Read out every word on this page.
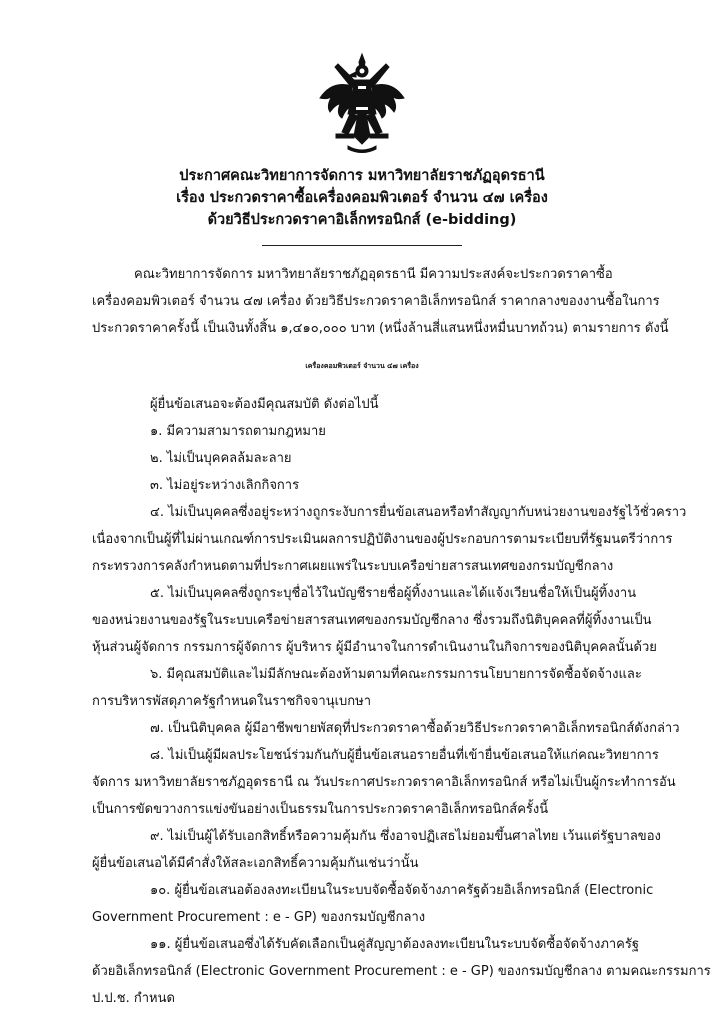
ประกาศคณะวิทยาการจัดการ มหาวิทยาลัยราชภัฏอุดรธานี
เรื่อง ประกวดราคาซื้อเครื่องคอมพิวเตอร์ จำนวน ๔๗ เครื่อง
ด้วยวิธีประกวดราคาอิเล็กทรอนิกส์ (e-bidding)
คณะวิทยาการจัดการ มหาวิทยาลัยราชภัฏอุดรธานี มีความประสงค์จะประกวดราคาซื้อ
เครื่องคอมพิวเตอร์ จำนวน ๔๗ เครื่อง ด้วยวิธีประกวดราคาอิเล็กทรอนิกส์ ราคากลางของงานซื้อในการ
ประกวดราคาครั้งนี้ เป็นเงินทั้งสิ้น ๑,๔๑๐,๐๐๐ บาท (หนึ่งล้านสี่แสนหนึ่งหมื่นบาทถ้วน) ตามรายการ ดังนี้
เครื่องคอมพิวเตอร์ จำนวน ๔๗ เครื่อง
ผู้ยื่นข้อเสนอจะต้องมีคุณสมบัติ ดังต่อไปนี้
๑. มีความสามารถตามกฎหมาย
๒. ไม่เป็นบุคคลล้มละลาย
๓. ไม่อยู่ระหว่างเลิกกิจการ
๔. ไม่เป็นบุคคลซึ่งอยู่ระหว่างถูกระงับการยื่นข้อเสนอหรือทำสัญญากับหน่วยงานของรัฐไว้ชั่วคราว
เนื่องจากเป็นผู้ที่ไม่ผ่านเกณฑ์การประเมินผลการปฏิบัติงานของผู้ประกอบการตามระเบียบที่รัฐมนตรีว่าการ
กระทรวงการคลังกำหนดตามที่ประกาศเผยแพร่ในระบบเครือข่ายสารสนเทศของกรมบัญชีกลาง
๕. ไม่เป็นบุคคลซึ่งถูกระบุชื่อไว้ในบัญชีรายชื่อผู้ทิ้งงานและได้แจ้งเวียนชื่อให้เป็นผู้ทิ้งงาน
ของหน่วยงานของรัฐในระบบเครือข่ายสารสนเทศของกรมบัญชีกลาง ซึ่งรวมถึงนิติบุคคลที่ผู้ทิ้งงานเป็น
หุ้นส่วนผู้จัดการ กรรมการผู้จัดการ ผู้บริหาร ผู้มีอำนาจในการดำเนินงานในกิจการของนิติบุคคลนั้นด้วย
๖. มีคุณสมบัติและไม่มีลักษณะต้องห้ามตามที่คณะกรรมการนโยบายการจัดซื้อจัดจ้างและ
การบริหารพัสดุภาครัฐกำหนดในราชกิจจานุเบกษา
๗. เป็นนิติบุคคล ผู้มีอาชีพขายพัสดุที่ประกวดราคาซื้อด้วยวิธีประกวดราคาอิเล็กทรอนิกส์ดังกล่าว
๘. ไม่เป็นผู้มีผลประโยชน์ร่วมกันกับผู้ยื่นข้อเสนอรายอื่นที่เข้ายื่นข้อเสนอให้แก่คณะวิทยาการ
จัดการ มหาวิทยาลัยราชภัฏอุดรธานี ณ วันประกาศประกวดราคาอิเล็กทรอนิกส์ หรือไม่เป็นผู้กระทำการอัน
เป็นการขัดขวางการแข่งขันอย่างเป็นธรรมในการประกวดราคาอิเล็กทรอนิกส์ครั้งนี้
๙. ไม่เป็นผู้ได้รับเอกสิทธิ์หรือความคุ้มกัน ซึ่งอาจปฏิเสธไม่ยอมขึ้นศาลไทย เว้นแต่รัฐบาลของ
ผู้ยื่นข้อเสนอได้มีคำสั่งให้สละเอกสิทธิ์ความคุ้มกันเช่นว่านั้น
๑๐. ผู้ยื่นข้อเสนอต้องลงทะเบียนในระบบจัดซื้อจัดจ้างภาครัฐด้วยอิเล็กทรอนิกส์ (Electronic
Government Procurement : e - GP) ของกรมบัญชีกลาง
๑๑. ผู้ยื่นข้อเสนอซึ่งได้รับคัดเลือกเป็นคู่สัญญาต้องลงทะเบียนในระบบจัดซื้อจัดจ้างภาครัฐ
ด้วยอิเล็กทรอนิกส์ (Electronic Government Procurement : e - GP) ของกรมบัญชีกลาง ตามคณะกรรมการ
ป.ป.ช. กำหนด
